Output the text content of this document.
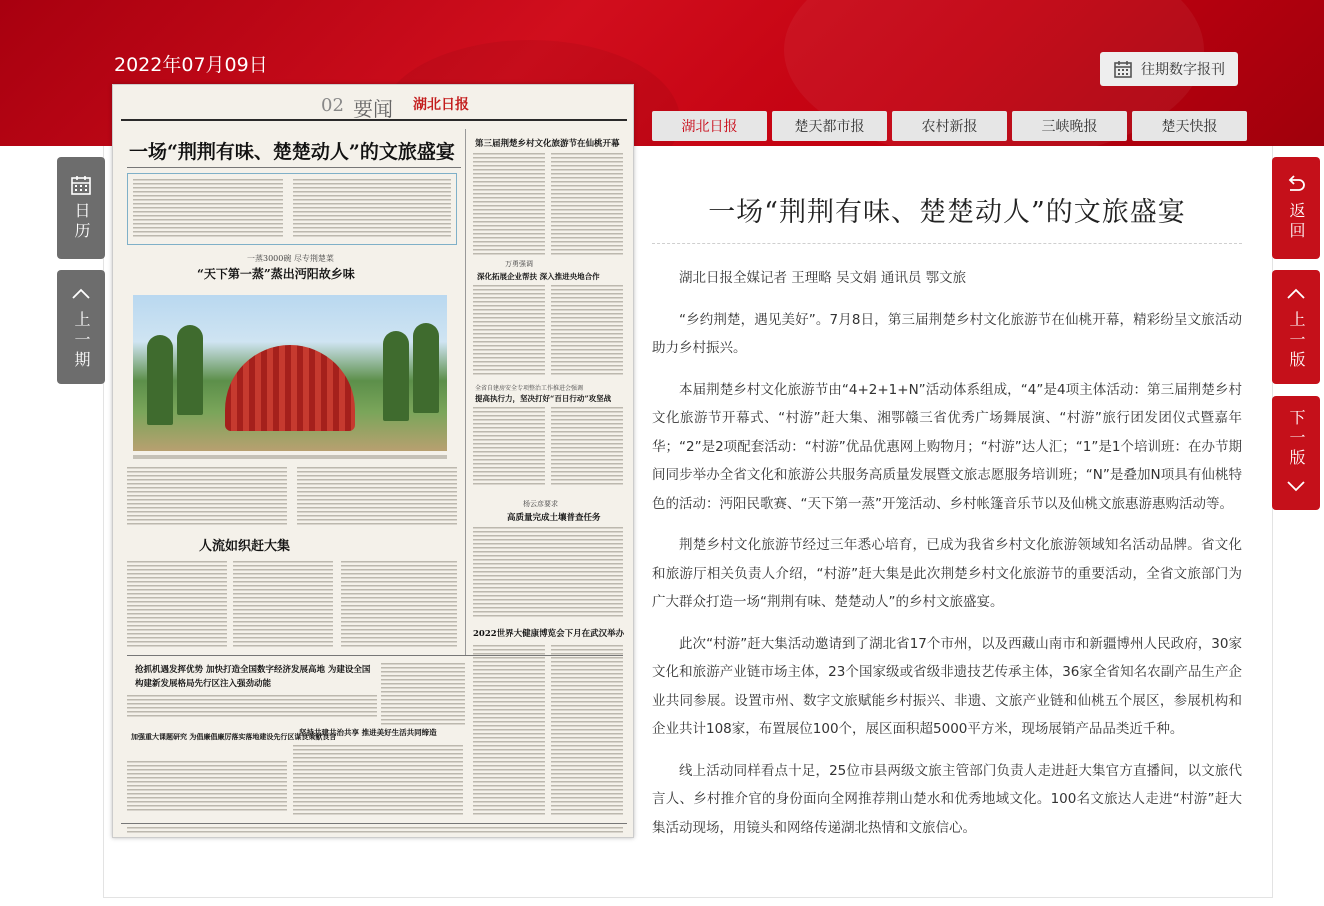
2022年07月09日	往期数字报刊
湖北日报	楚天都市报	农村新报	三峡晚报	楚天快报
日历
上一期
返回
上一版
下一版
02 要闻 湖北日报
一场“荆荆有味、楚楚动人”的文旅盛宴
一蒸3000碗 尽专荆楚菜
“天下第一蒸”蒸出沔阳故乡味
人流如织赶大集
第三届荆楚乡村文化旅游节在仙桃开幕
万勇强调
深化拓展企业帮扶 深入推进央地合作
全省自建房安全专项整治工作推进会强调
提高执行力，坚决打好“百日行动”攻坚战
杨云彦要求
高质量完成土壤普查任务
2022世界大健康博览会下月在武汉举办
抢抓机遇发挥优势 加快打造全国数字经济发展高地 为建设全国构建新发展格局先行区注入强劲动能
加强重大课题研究 为倡廉倡廉厉落实落地建设先行区谋良策献良言
坚持共建共治共享 推进美好生活共同缔造
一场“荆荆有味、楚楚动人”的文旅盛宴

湖北日报全媒记者 王理略 吴文娟 通讯员 鄂文旅

“乡约荆楚，遇见美好”。7月8日，第三届荆楚乡村文化旅游节在仙桃开幕，精彩纷呈文旅活动助力乡村振兴。

本届荆楚乡村文化旅游节由“4+2+1+N”活动体系组成，“4”是4项主体活动：第三届荆楚乡村文化旅游节开幕式、“村游”赶大集、湘鄂赣三省优秀广场舞展演、“村游”旅行团发团仪式暨嘉年华；“2”是2项配套活动：“村游”优品优惠网上购物月；“村游”达人汇；“1”是1个培训班：在办节期间同步举办全省文化和旅游公共服务高质量发展暨文旅志愿服务培训班；“N”是叠加N项具有仙桃特色的活动：沔阳民歌赛、“天下第一蒸”开笼活动、乡村帐篷音乐节以及仙桃文旅惠游惠购活动等。

荆楚乡村文化旅游节经过三年悉心培育，已成为我省乡村文化旅游领域知名活动品牌。省文化和旅游厅相关负责人介绍，“村游”赶大集是此次荆楚乡村文化旅游节的重要活动，全省文旅部门为广大群众打造一场“荆荆有味、楚楚动人”的乡村文旅盛宴。

此次“村游”赶大集活动邀请到了湖北省17个市州，以及西藏山南市和新疆博州人民政府，30家文化和旅游产业链市场主体，23个国家级或省级非遗技艺传承主体，36家全省知名农副产品生产企业共同参展。设置市州、数字文旅赋能乡村振兴、非遗、文旅产业链和仙桃五个展区，参展机构和企业共计108家，布置展位100个，展区面积超5000平方米，现场展销产品品类近千种。

线上活动同样看点十足，25位市县两级文旅主管部门负责人走进赶大集官方直播间，以文旅代言人、乡村推介官的身份面向全网推荐荆山楚水和优秀地域文化。100名文旅达人走进“村游”赶大集活动现场，用镜头和网络传递湖北热情和文旅信心。
